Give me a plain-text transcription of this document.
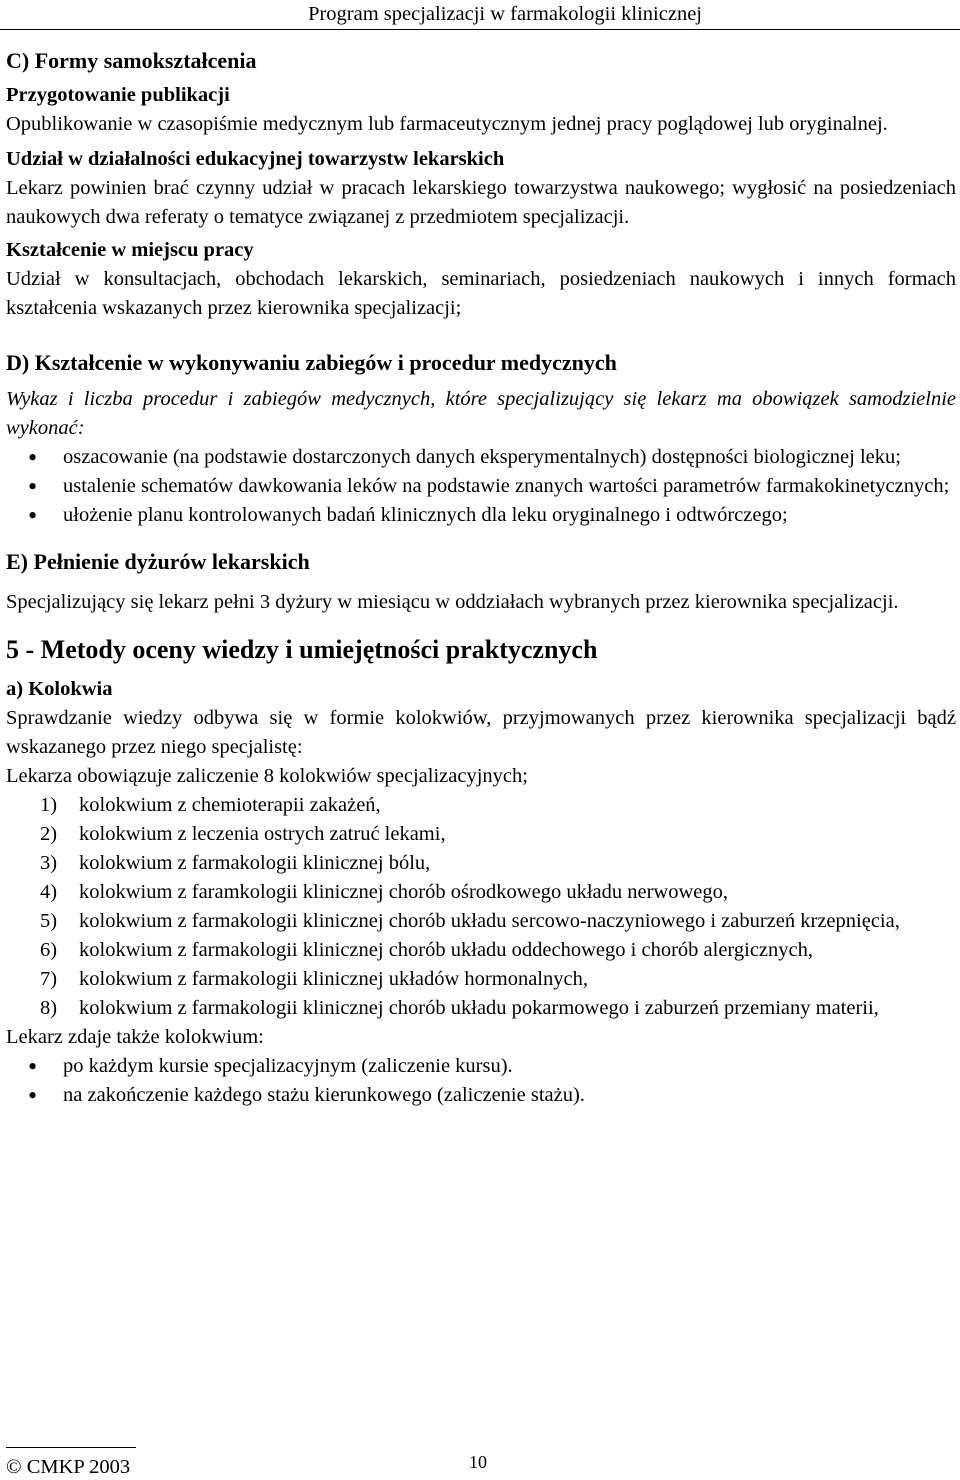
Program specjalizacji w farmakologii klinicznej
C) Formy samokształcenia
Przygotowanie publikacji

Opublikowanie w czasopiśmie medycznym lub farmaceutycznym jednej pracy poglądowej lub oryginalnej.

Udział w działalności edukacyjnej towarzystw lekarskich

Lekarz powinien brać czynny udział w pracach lekarskiego towarzystwa naukowego; wygłosić na posiedzeniach naukowych dwa referaty o tematyce związanej z przedmiotem specjalizacji.

Kształcenie w miejscu pracy

Udział w konsultacjach, obchodach lekarskich, seminariach, posiedzeniach naukowych i innych formach kształcenia wskazanych przez kierownika specjalizacji;

D) Kształcenie w wykonywaniu zabiegów i procedur medycznych

Wykaz i liczba procedur i zabiegów medycznych, które specjalizujący się lekarz ma obowiązek samodzielnie wykonać:

• oszacowanie (na podstawie dostarczonych danych eksperymentalnych) dostępności biologicznej leku;
• ustalenie schematów dawkowania leków na podstawie znanych wartości parametrów farmakokinetycznych;
• ułożenie planu kontrolowanych badań klinicznych dla leku oryginalnego i odtwórczego;
E) Pełnienie dyżurów lekarskich

Specjalizujący się lekarz pełni 3 dyżury w miesiącu w oddziałach wybranych przez kierownika specjalizacji.

5 - Metody oceny wiedzy i umiejętności praktycznych
a) Kolokwia

Sprawdzanie wiedzy odbywa się w formie kolokwiów, przyjmowanych przez kierownika specjalizacji bądź wskazanego przez niego specjalistę:

Lekarza obowiązuje zaliczenie 8 kolokwiów specjalizacyjnych;

1) kolokwium z chemioterapii zakażeń,
2) kolokwium z leczenia ostrych zatruć lekami,
3) kolokwium z farmakologii klinicznej bólu,
4) kolokwium z faramkologii klinicznej chorób ośrodkowego układu nerwowego,
5) kolokwium z farmakologii klinicznej chorób układu sercowo-naczyniowego i zaburzeń krzepnięcia,
6) kolokwium z farmakologii klinicznej chorób układu oddechowego i chorób alergicznych,
7) kolokwium z farmakologii klinicznej układów hormonalnych,
8) kolokwium z farmakologii klinicznej chorób układu pokarmowego i zaburzeń przemiany materii,

Lekarz zdaje także kolokwium:

• po każdym kursie specjalizacyjnym (zaliczenie kursu).
• na zakończenie każdego stażu kierunkowego (zaliczenie stażu).
© CMKP 2003	10
